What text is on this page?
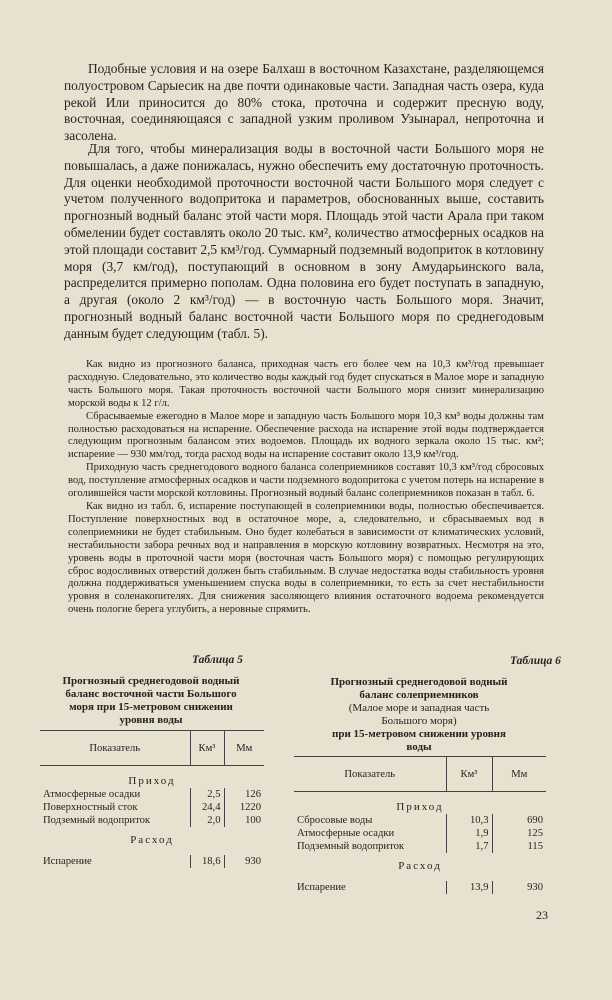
Подобные условия и на озере Балхаш в восточном Казахстане, разделяющемся полуостровом Сарыесик на две почти одинаковые части. Западная часть озера, куда рекой Или приносится до 80% стока, проточна и содержит пресную воду, восточная, соединяющаяся с западной узким проливом Узынарал, непроточна и засолена.

Для того, чтобы минерализация воды в восточной части Большого моря не повышалась, а даже понижалась, нужно обеспечить ему достаточную проточность. Для оценки необходимой проточности восточной части Большого моря следует с учетом полученного водопритока и параметров, обоснованных выше, составить прогнозный водный баланс этой части моря. Площадь этой части Арала при таком обмелении будет составлять около 20 тыс. км², количество атмосферных осадков на этой площади составит 2,5 км³/год. Суммарный подземный водоприток в котловину моря (3,7 км/год), поступающий в основном в зону Амударьинского вала, распределится примерно пополам. Одна половина его будет поступать в западную, а другая (около 2 км³/год) — в восточную часть Большого моря. Значит, прогнозный водный баланс восточной части Большого моря по среднегодовым данным будет следующим (табл. 5).

Как видно из прогнозного баланса, приходная часть его более чем на 10,3 км³/год превышает расходную. Следовательно, это количество воды каждый год будет спускаться в Малое море и западную часть Большого моря. Такая проточность восточной части Большого моря снизит минерализацию морской воды к 12 г/л.

Сбрасываемые ежегодно в Малое море и западную часть Большого моря 10,3 км³ воды должны там полностью расходоваться на испарение. Обеспечение расхода на испарение этой воды подтверждается следующим прогнозным балансом этих водоемов. Площадь их водного зеркала около 15 тыс. км²; испарение — 930 мм/год, тогда расход воды на испарение составит около 13,9 км³/год.

Приходную часть среднегодового водного баланса солеприемников составят 10,3 км³/год сбросовых вод, поступление атмосферных осадков и части подземного водопритока с учетом потерь на испарение в оголившейся части морской котловины. Прогнозный водный баланс солеприемников показан в табл. 6.

Как видно из табл. 6, испарение поступающей в солеприемники воды, полностью обеспечивается. Поступление поверхностных вод в остаточное море, а, следовательно, и сбрасываемых вод в солеприемники не будет стабильным. Оно будет колебаться в зависимости от климатических условий, нестабильности забора речных вод и направления в морскую котловину возвратных. Несмотря на это, уровень воды в проточной части моря (восточная часть Большого моря) с помощью регулирующих сброс водосливных отверстий должен быть стабильным. В случае недостатка воды стабильность уровня должна поддерживаться уменьшением спуска воды в солеприемники, то есть за счет нестабильности уровня в соленакопителях. Для снижения засоляющего влияния остаточного водоема рекомендуется очень пологие берега углубить, а неровные спрямить.

Таблица 5
Прогнозный среднегодовой водный
баланс восточной части Большого
моря при 15-метровом снижении
уровня воды
Показатель	Км³	Мм
Приход		
Атмосферные осадки	2,5	126
Поверхностный сток	24,4	1220
Подземный водоприток	2,0	100
Расход		

Испарение	18,6	930
Таблица 6
Прогнозный среднегодовой водный
баланс солеприемников
(Малое море и западная часть
Большого моря)
при 15-метровом снижении уровня
воды
Показатель	Км³	Мм
Приход		
Сбросовые воды	10,3	690
Атмосферные осадки	1,9	125
Подземный водоприток	1,7	115
Расход		

Испарение	13,9	930
23
